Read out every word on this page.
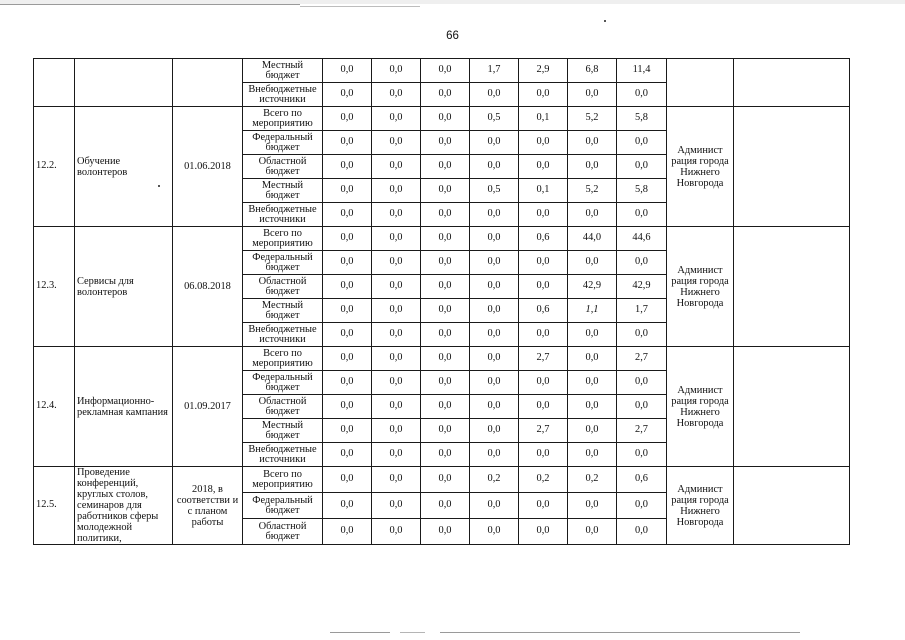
66
			Местный бюджет	0,0	0,0	0,0	1,7	2,9	6,8	11,4		
			Внебюджетные источники	0,0	0,0	0,0	0,0	0,0	0,0	0,0		
12.2.	Обучение волонтеров	01.06.2018	Всего по мероприятию	0,0	0,0	0,0	0,5	0,1	5,2	5,8	Админист рация города Нижнего Новгорода	
			Федеральный бюджет	0,0	0,0	0,0	0,0	0,0	0,0	0,0		
			Областной бюджет	0,0	0,0	0,0	0,0	0,0	0,0	0,0		
			Местный бюджет	0,0	0,0	0,0	0,5	0,1	5,2	5,8		
			Внебюджетные источники	0,0	0,0	0,0	0,0	0,0	0,0	0,0		
12.3.	Сервисы для волонтеров	06.08.2018	Всего по мероприятию	0,0	0,0	0,0	0,0	0,6	44,0	44,6	Админист рация города Нижнего Новгорода	
			Федеральный бюджет	0,0	0,0	0,0	0,0	0,0	0,0	0,0		
			Областной бюджет	0,0	0,0	0,0	0,0	0,0	42,9	42,9		
			Местный бюджет	0,0	0,0	0,0	0,0	0,6	1,1	1,7		
			Внебюджетные источники	0,0	0,0	0,0	0,0	0,0	0,0	0,0		
12.4.	Информационно-рекламная кампания	01.09.2017	Всего по мероприятию	0,0	0,0	0,0	0,0	2,7	0,0	2,7	Админист рация города Нижнего Новгорода	
			Федеральный бюджет	0,0	0,0	0,0	0,0	0,0	0,0	0,0		
			Областной бюджет	0,0	0,0	0,0	0,0	0,0	0,0	0,0		
			Местный бюджет	0,0	0,0	0,0	0,0	2,7	0,0	2,7		
			Внебюджетные источники	0,0	0,0	0,0	0,0	0,0	0,0	0,0		
12.5.	Проведение конференций, круглых столов, семинаров для работников сферы молодежной политики,	2018, в соответстви и с планом работы	Всего по мероприятию	0,0	0,0	0,0	0,2	0,2	0,2	0,6	Админист рация города Нижнего Новгорода	
			Федеральный бюджет	0,0	0,0	0,0	0,0	0,0	0,0	0,0		
			Областной бюджет	0,0	0,0	0,0	0,0	0,0	0,0	0,0		
